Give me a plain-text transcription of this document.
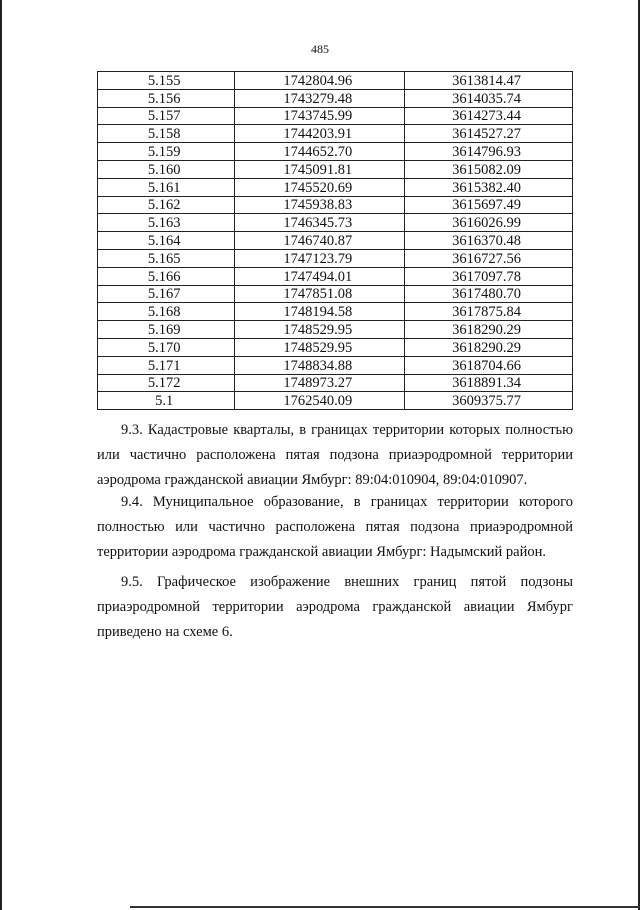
485
5.155	1742804.96	3613814.47
5.156	1743279.48	3614035.74
5.157	1743745.99	3614273.44
5.158	1744203.91	3614527.27
5.159	1744652.70	3614796.93
5.160	1745091.81	3615082.09
5.161	1745520.69	3615382.40
5.162	1745938.83	3615697.49
5.163	1746345.73	3616026.99
5.164	1746740.87	3616370.48
5.165	1747123.79	3616727.56
5.166	1747494.01	3617097.78
5.167	1747851.08	3617480.70
5.168	1748194.58	3617875.84
5.169	1748529.95	3618290.29
5.170	1748529.95	3618290.29
5.171	1748834.88	3618704.66
5.172	1748973.27	3618891.34
5.1	1762540.09	3609375.77

9.3. Кадастровые кварталы, в границах территории которых полностью или частично расположена пятая подзона приаэродромной территории аэродрома гражданской авиации Ямбург: 89:04:010904, 89:04:010907.

9.4. Муниципальное образование, в границах территории которого полностью или частично расположена пятая подзона приаэродромной территории аэродрома гражданской авиации Ямбург: Надымский район.

9.5. Графическое изображение внешних границ пятой подзоны приаэродромной территории аэродрома гражданской авиации Ямбург приведено на схеме 6.
